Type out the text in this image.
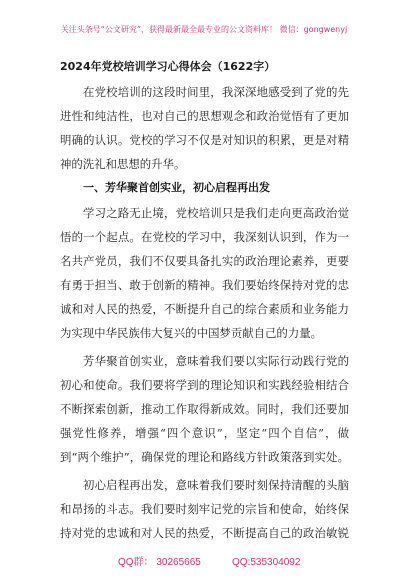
关注头条号“公文研究”，获得最新最全最专业的公文资料库！ 微信：gongwenyj
2024年党校培训学习心得体会（1622字）
在党校培训的这段时间里，我深深地感受到了党的先
进性和纯洁性，也对自己的思想观念和政治觉悟有了更加
明确的认识。党校的学习不仅是对知识的积累，更是对精
神的洗礼和思想的升华。
一、芳华聚首创实业，初心启程再出发
学习之路无止境，党校培训只是我们走向更高政治觉
悟的一个起点。在党校的学习中，我深刻认识到，作为一
名共产党员，我们不仅要具备扎实的政治理论素养，更要
有勇于担当、敢于创新的精神。我们要始终保持对党的忠
诚和对人民的热爱，不断提升自己的综合素质和业务能力
为实现中华民族伟大复兴的中国梦贡献自己的力量。
芳华聚首创实业，意味着我们要以实际行动践行党的
初心和使命。我们要将学到的理论知识和实践经验相结合
不断探索创新，推动工作取得新成效。同时，我们还要加
强党性修养，增强“四个意识”，坚定“四个自信”，做
到“两个维护”，确保党的理论和路线方针政策落到实处。
初心启程再出发，意味着我们要时刻保持清醒的头脑
和昂扬的斗志。我们要时刻牢记党的宗旨和使命，始终保
持对党的忠诚和对人民的热爱，不断提高自己的政治敏锐
QQ群： 30265665	QQ:535304092
